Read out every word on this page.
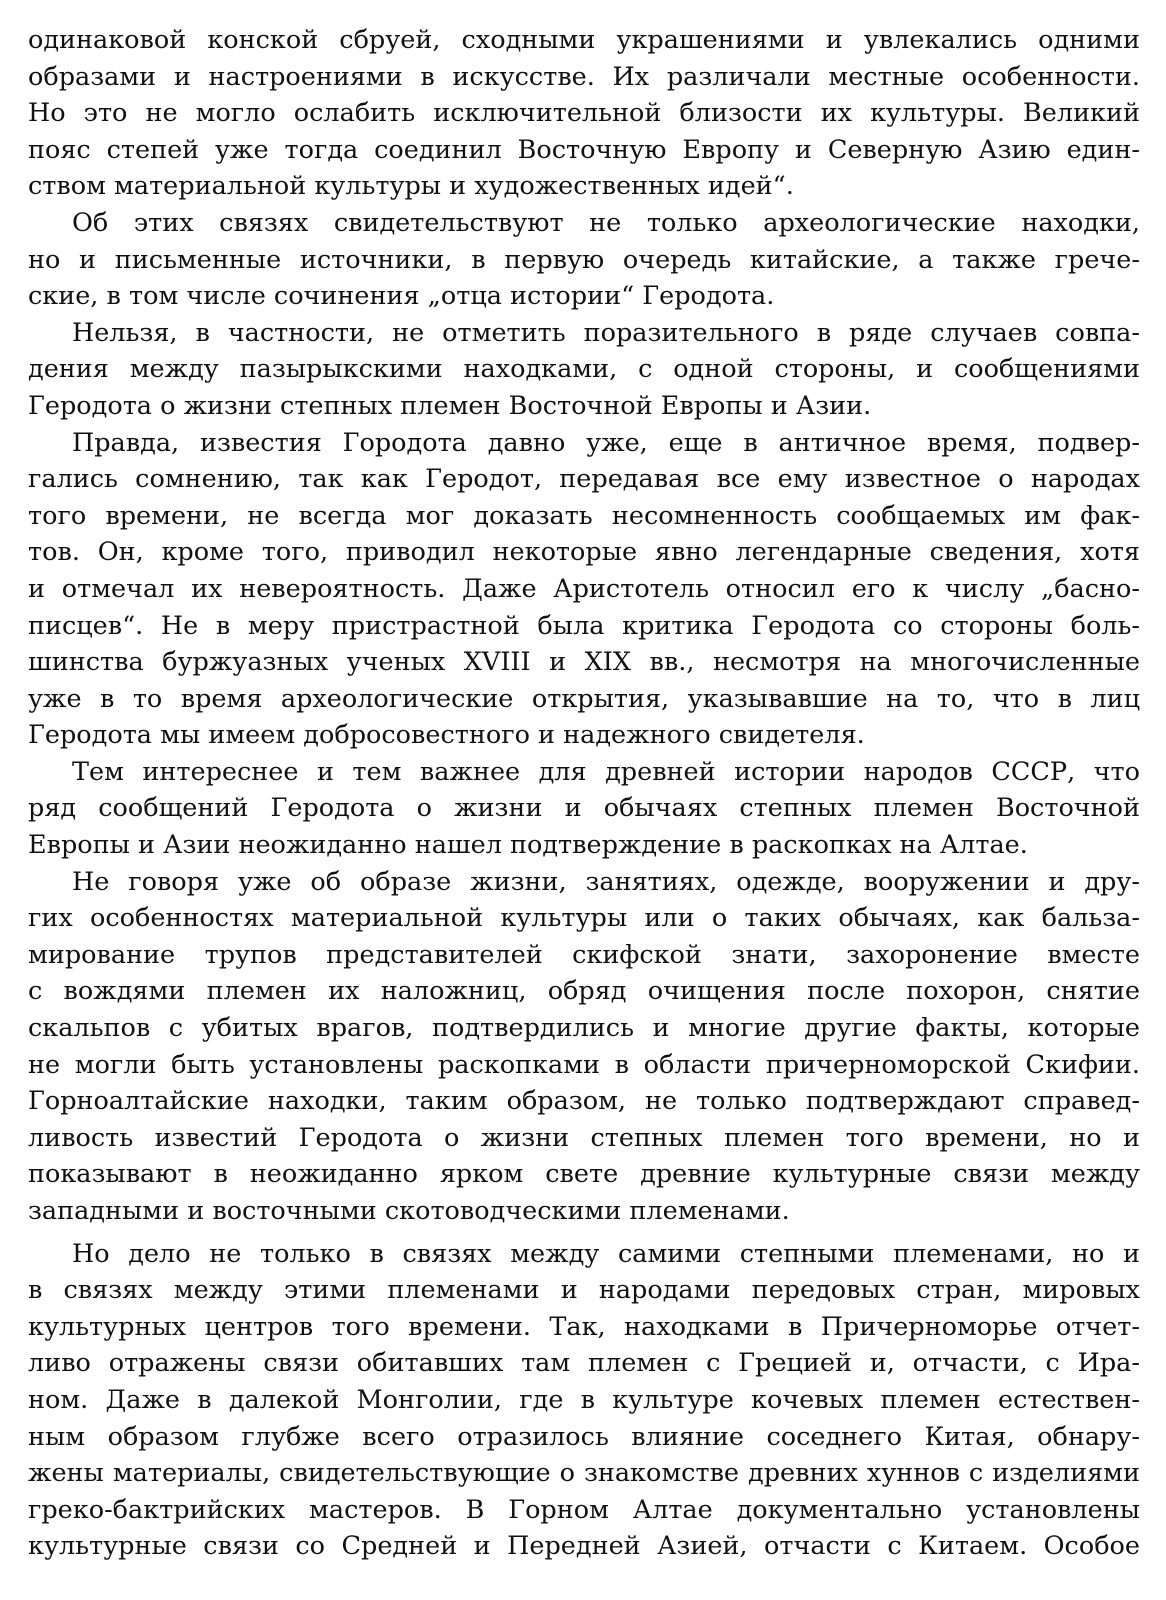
одинаковой конской сбруей, сходными украшениями и увлекались одними
образами и настроениями в искусстве. Их различали местные особенности.
Но это не могло ослабить исключительной близости их культуры. Великий
пояс степей уже тогда соединил Восточную Европу и Северную Азию един-
ством материальной культуры и художественных идей“.
Об этих связях свидетельствуют не только археологические находки,
но и письменные источники, в первую очередь китайские, а также грече-
ские, в том числе сочинения „отца истории“ Геродота.
Нельзя, в частности, не отметить поразительного в ряде случаев совпа-
дения между пазырыкскими находками, с одной стороны, и сообщениями
Геродота о жизни степных племен Восточной Европы и Азии.
Правда, известия Городота давно уже, еще в античное время, подвер-
гались сомнению, так как Геродот, передавая все ему известное о народах
того времени, не всегда мог доказать несомненность сообщаемых им фак-
тов. Он, кроме того, приводил некоторые явно легендарные сведения, хотя
и отмечал их невероятность. Даже Аристотель относил его к числу „басно-
писцев“. Не в меру пристрастной была критика Геродота со стороны боль-
шинства буржуазных ученых XVIII и XIX вв., несмотря на многочисленные
уже в то время археологические открытия, указывавшие на то, что в лиц
Геродота мы имеем добросовестного и надежного свидетеля.
Тем интереснее и тем важнее для древней истории народов СССР, что
ряд сообщений Геродота о жизни и обычаях степных племен Восточной
Европы и Азии неожиданно нашел подтверждение в раскопках на Алтае.
Не говоря уже об образе жизни, занятиях, одежде, вооружении и дру-
гих особенностях материальной культуры или о таких обычаях, как бальза-
мирование трупов представителей скифской знати, захоронение вместе
с вождями племен их наложниц, обряд очищения после похорон, снятие
скальпов с убитых врагов, подтвердились и многие другие факты, которые
не могли быть установлены раскопками в области причерноморской Скифии.
Горноалтайские находки, таким образом, не только подтверждают справед-
ливость известий Геродота о жизни степных племен того времени, но и
показывают в неожиданно ярком свете древние культурные связи между
западными и восточными скотоводческими племенами.
Но дело не только в связях между самими степными племенами, но и
в связях между этими племенами и народами передовых стран, мировых
культурных центров того времени. Так, находками в Причерноморье отчет-
ливо отражены связи обитавших там племен с Грецией и, отчасти, с Ира-
ном. Даже в далекой Монголии, где в культуре кочевых племен естествен-
ным образом глубже всего отразилось влияние соседнего Китая, обнару-
жены материалы, свидетельствующие о знакомстве древних хуннов с изделиями
греко-бактрийских мастеров. В Горном Алтае документально установлены
культурные связи со Средней и Передней Азией, отчасти с Китаем. Особое
